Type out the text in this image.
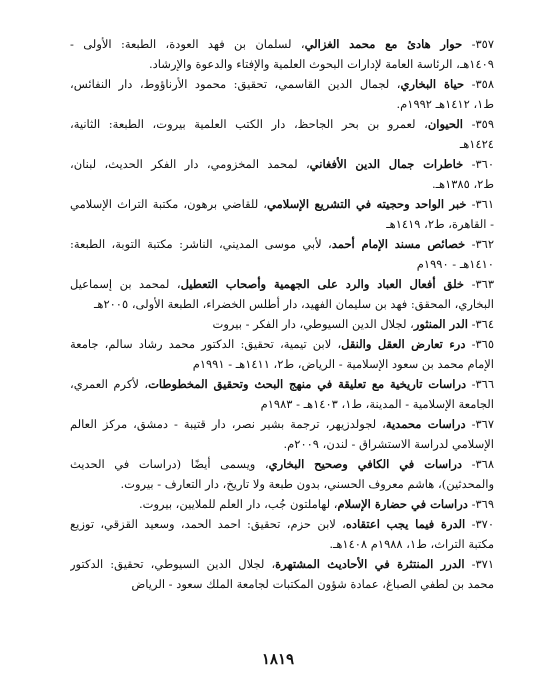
٣٥٧- حوار هادئ مع محمد الغزالي، لسلمان بن فهد العودة، الطبعة: الأولى -
١٤٠٩هـ، الرئاسة العامة لإدارات البحوث العلمية والإفتاء والدعوة والإرشاد.
٣٥٨- حياة البخاري، لجمال الدين القاسمي، تحقيق: محمود الأرناؤوط، دار النفائس،
ط١، ١٤١٢هـ ١٩٩٢م.
٣٥٩- الحيوان، لعمرو بن بحر الجاحظ، دار الكتب العلمية بيروت، الطبعة: الثانية،
١٤٢٤هـ
٣٦٠- خاطرات جمال الدين الأفغاني، لمحمد المخزومي، دار الفكر الحديث، لبنان،
ط٢، ١٣٨٥هـ.
٣٦١- خبر الواحد وحجيته في التشريع الإسلامي، للقاضي برهون، مكتبة التراث الإسلامي
- القاهرة، ط٢، ١٤١٩هـ
٣٦٢- خصائص مسند الإمام أحمد، لأبي موسى المديني، الناشر: مكتبة التوبة، الطبعة:
١٤١٠هـ - ١٩٩٠م
٣٦٣- خلق أفعال العباد والرد على الجهمية وأصحاب التعطيل، لمحمد بن إسماعيل
البخاري، المحقق: فهد بن سليمان الفهيد، دار أطلس الخضراء، الطبعة الأولى، ٢٠٠٥هـ
٣٦٤- الدر المنثور، لجلال الدين السيوطي، دار الفكر - بيروت
٣٦٥- درء تعارض العقل والنقل، لابن تيمية، تحقيق: الدكتور محمد رشاد سالم، جامعة
الإمام محمد بن سعود الإسلامية - الرياض، ط٢، ١٤١١هـ - ١٩٩١م
٣٦٦- دراسات تاريخية مع تعليقة في منهج البحث وتحقيق المخطوطات، لأكرم العمري،
الجامعة الإسلامية - المدينة، ط١، ١٤٠٣هـ - ١٩٨٣م
٣٦٧- دراسات محمدية، لجولدزيهر، ترجمة بشير نصر، دار قتيبة - دمشق، مركز العالم
الإسلامي لدراسة الاستشراق - لندن، ٢٠٠٩م.
٣٦٨- دراسات في الكافي وصحيح البخاري، ويسمى أيضًا (دراسات في الحديث
والمحدثين)، هاشم معروف الحسني، بدون طبعة ولا تاريخ، دار التعارف - بيروت.
٣٦٩- دراسات في حضارة الإسلام، لهاملتون جُب، دار العلم للملايين، بيروت.
٣٧٠- الدرة فيما يجب اعتقاده، لابن حزم، تحقيق: احمد الحمد، وسعيد القزقي، توزيع
مكتبة التراث، ط١، ١٩٨٨م ١٤٠٨هـ.
٣٧١- الدرر المنتثرة في الأحاديث المشتهرة، لجلال الدين السيوطي، تحقيق: الدكتور
محمد بن لطفي الصباغ، عمادة شؤون المكتبات لجامعة الملك سعود - الرياض
١٨١٩
